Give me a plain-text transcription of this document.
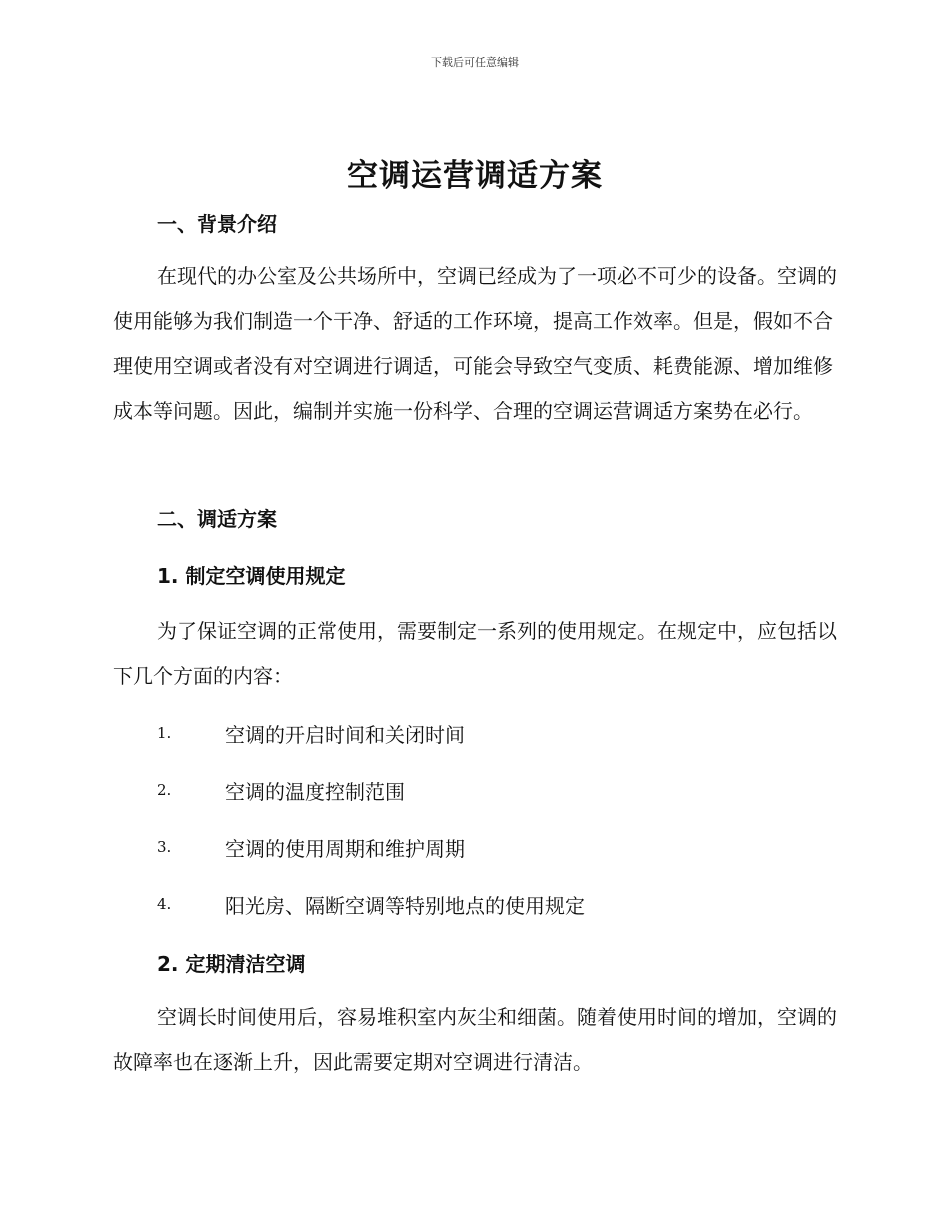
下载后可任意编辑
空调运营调适方案
一、背景介绍

在现代的办公室及公共场所中，空调已经成为了一项必不可少的设备。空调的使用能够为我们制造一个干净、舒适的工作环境，提高工作效率。但是，假如不合理使用空调或者没有对空调进行调适，可能会导致空气变质、耗费能源、增加维修成本等问题。因此，编制并实施一份科学、合理的空调运营调适方案势在必行。

二、调适方案
1. 制定空调使用规定

为了保证空调的正常使用，需要制定一系列的使用规定。在规定中，应包括以下几个方面的内容：

1.	空调的开启时间和关闭时间
2.	空调的温度控制范围
3.	空调的使用周期和维护周期
4.	阳光房、隔断空调等特别地点的使用规定
2. 定期清洁空调

空调长时间使用后，容易堆积室内灰尘和细菌。随着使用时间的增加，空调的故障率也在逐渐上升，因此需要定期对空调进行清洁。
